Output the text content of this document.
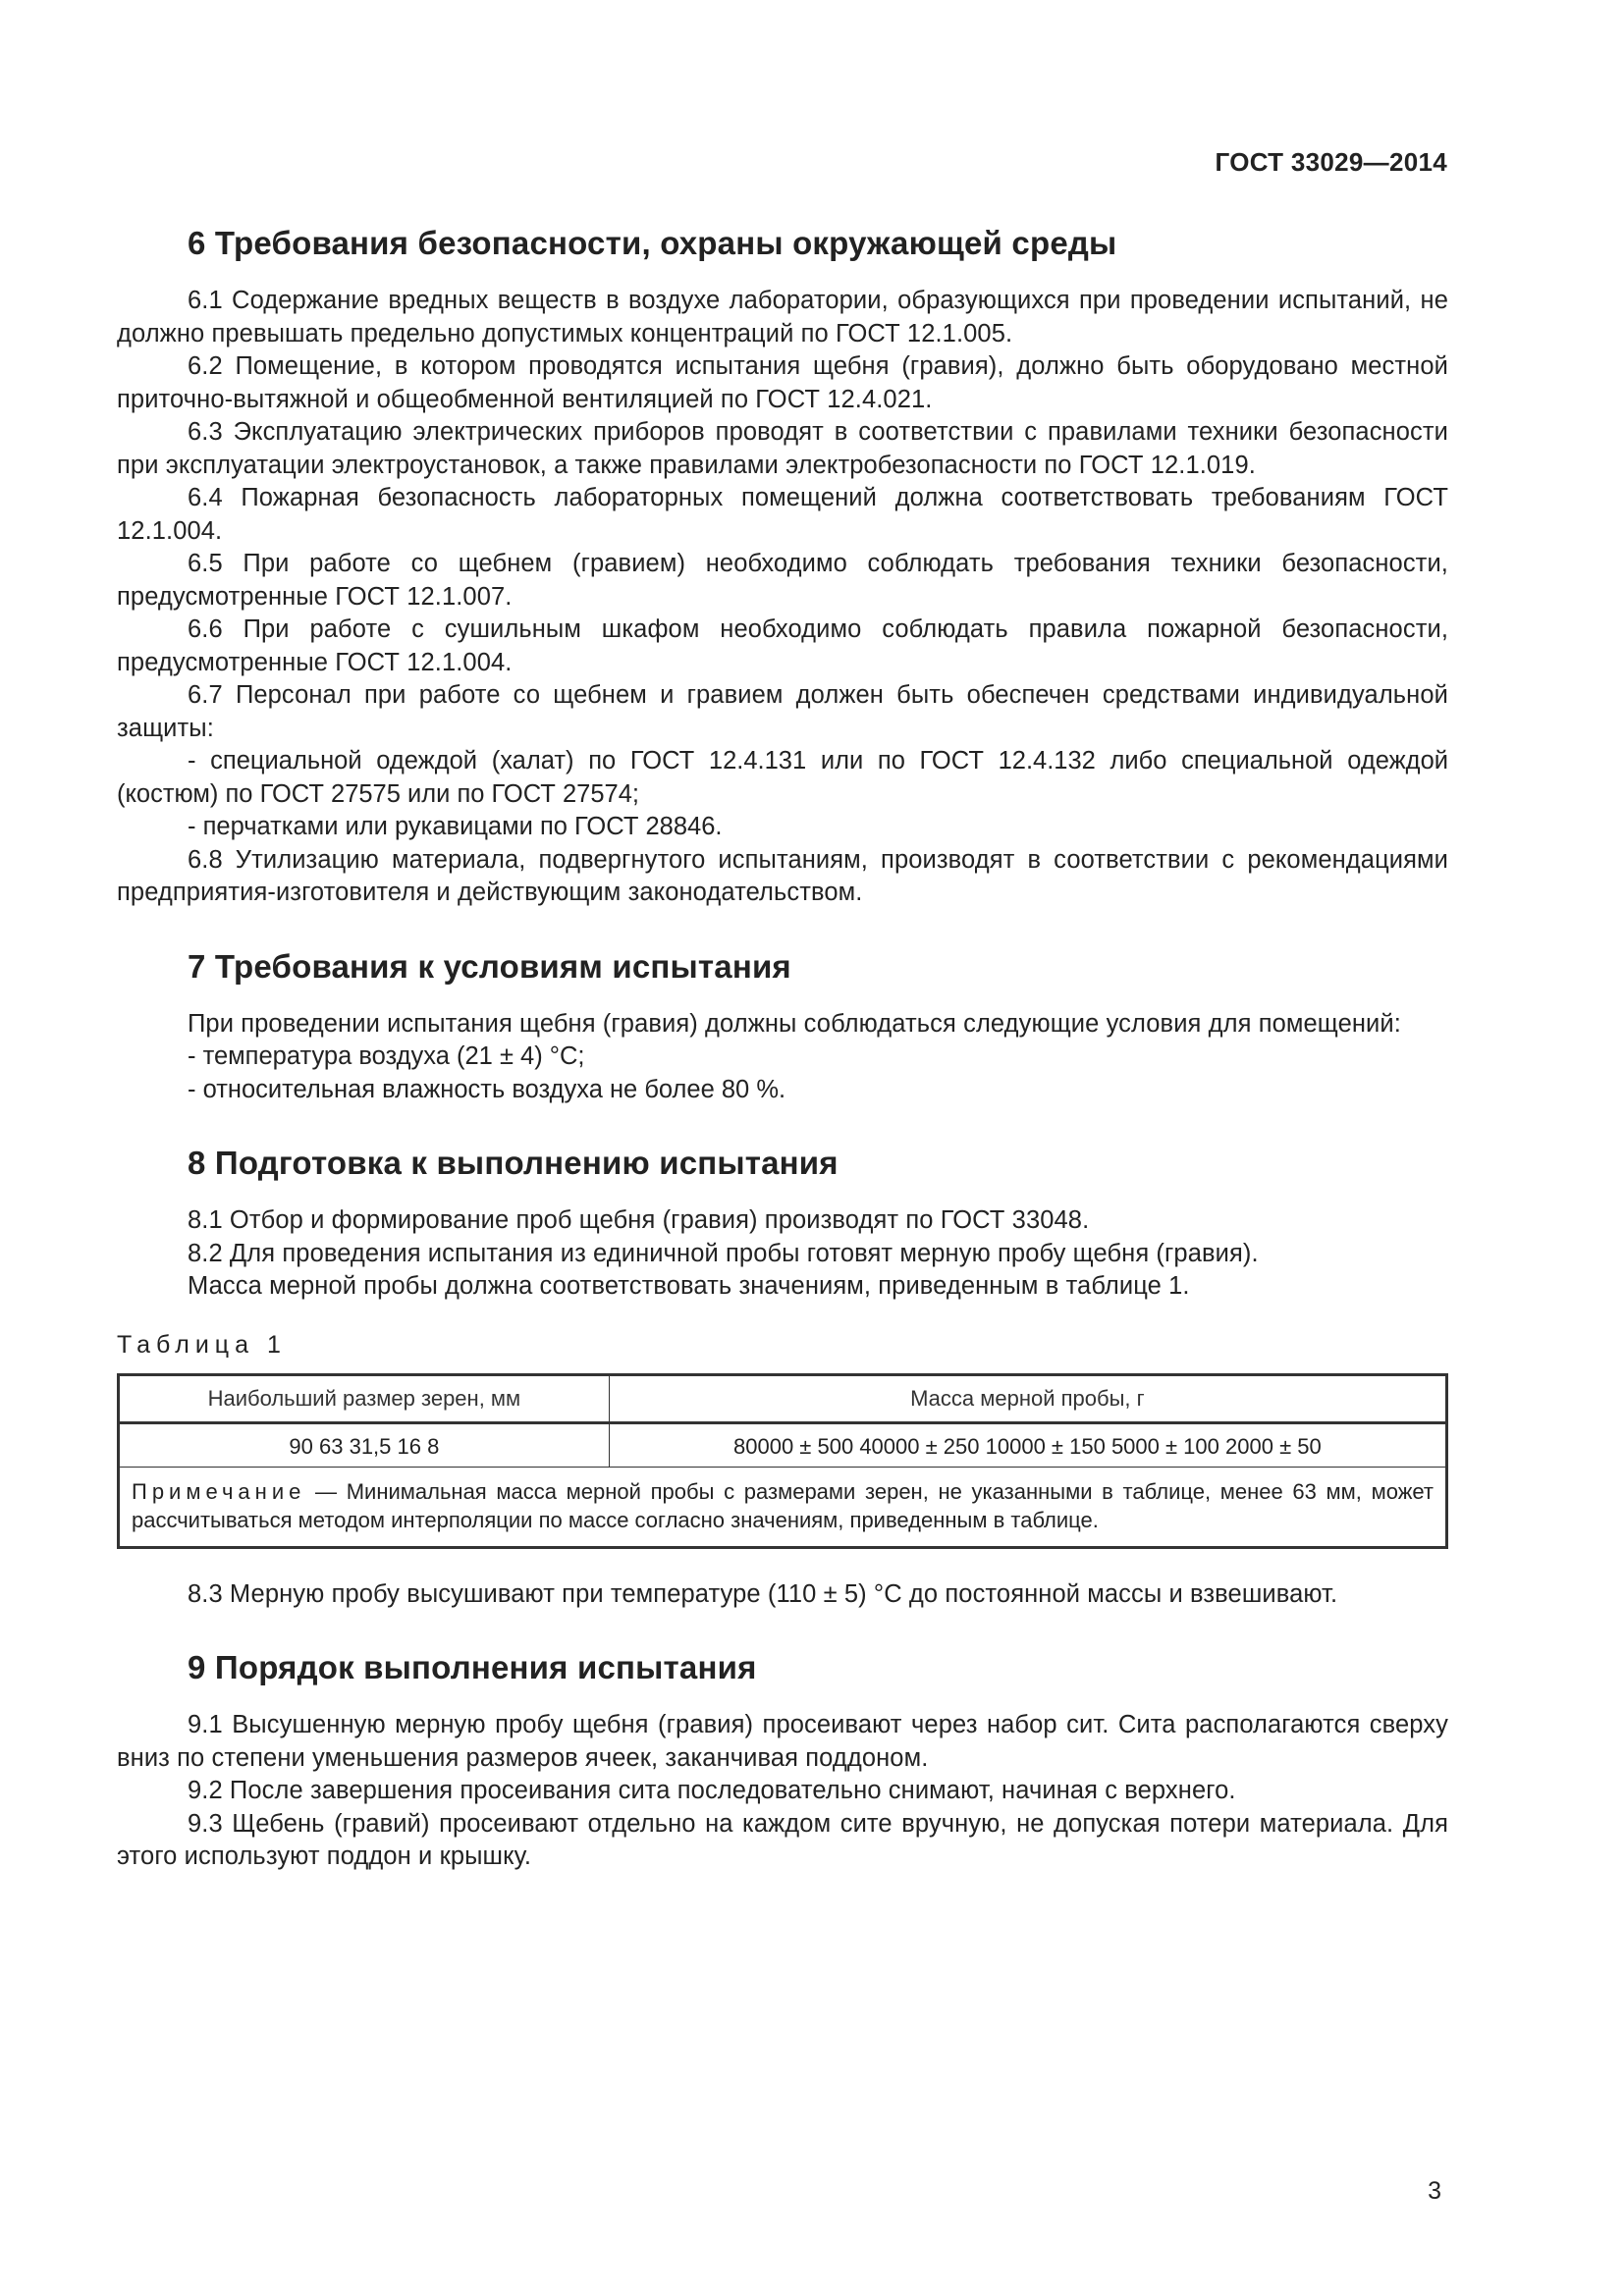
ГОСТ 33029—2014
6 Требования безопасности, охраны окружающей среды

6.1 Содержание вредных веществ в воздухе лаборатории, образующихся при проведении испытаний, не должно превышать предельно допустимых концентраций по ГОСТ 12.1.005.

6.2 Помещение, в котором проводятся испытания щебня (гравия), должно быть оборудовано местной приточно-вытяжной и общеобменной вентиляцией по ГОСТ 12.4.021.

6.3 Эксплуатацию электрических приборов проводят в соответствии с правилами техники безопасности при эксплуатации электроустановок, а также правилами электробезопасности по ГОСТ 12.1.019.

6.4 Пожарная безопасность лабораторных помещений должна соответствовать требованиям ГОСТ 12.1.004.

6.5 При работе со щебнем (гравием) необходимо соблюдать требования техники безопасности, предусмотренные ГОСТ 12.1.007.

6.6 При работе с сушильным шкафом необходимо соблюдать правила пожарной безопасности, предусмотренные ГОСТ 12.1.004.

6.7 Персонал при работе со щебнем и гравием должен быть обеспечен средствами индивидуальной защиты:

- специальной одеждой (халат) по ГОСТ 12.4.131 или по ГОСТ 12.4.132 либо специальной одеждой (костюм) по ГОСТ 27575 или по ГОСТ 27574;

- перчатками или рукавицами по ГОСТ 28846.

6.8 Утилизацию материала, подвергнутого испытаниям, производят в соответствии с рекомендациями предприятия-изготовителя и действующим законодательством.

7 Требования к условиям испытания

При проведении испытания щебня (гравия) должны соблюдаться следующие условия для помещений:

- температура воздуха (21 ± 4) °С;

- относительная влажность воздуха не более 80 %.

8 Подготовка к выполнению испытания

8.1 Отбор и формирование проб щебня (гравия) производят по ГОСТ 33048.

8.2 Для проведения испытания из единичной пробы готовят мерную пробу щебня (гравия).

Масса мерной пробы должна соответствовать значениям, приведенным в таблице 1.

Таблица 1
Наибольший размер зерен, мм	Масса мерной пробы, г
90 63 31,5 16 8	80000 ± 500 40000 ± 250 10000 ± 150 5000 ± 100 2000 ± 50
Примечание — Минимальная масса мерной пробы с размерами зерен, не указанными в таблице, менее 63 мм, может рассчитываться методом интерполяции по массе согласно значениям, приведенным в таблице.	

8.3 Мерную пробу высушивают при температуре (110 ± 5) °С до постоянной массы и взвешивают.

9 Порядок выполнения испытания

9.1 Высушенную мерную пробу щебня (гравия) просеивают через набор сит. Сита располагаются сверху вниз по степени уменьшения размеров ячеек, заканчивая поддоном.

9.2 После завершения просеивания сита последовательно снимают, начиная с верхнего.

9.3 Щебень (гравий) просеивают отдельно на каждом сите вручную, не допуская потери материала. Для этого используют поддон и крышку.

3
